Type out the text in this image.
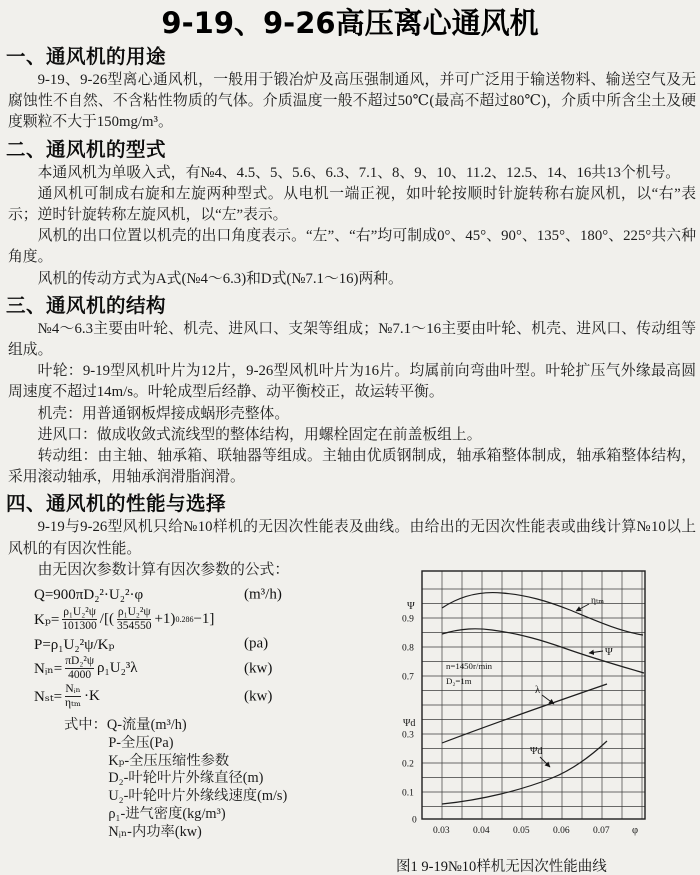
9-19、9-26高压离心通风机
一、通风机的用途

9-19、9-26型离心通风机，一般用于锻冶炉及高压强制通风，并可广泛用于输送物料、输送空气及无腐蚀性不自然、不含粘性物质的气体。介质温度一般不超过50℃(最高不超过80℃)，介质中所含尘土及硬度颗粒不大于150mg/m³。

二、通风机的型式

本通风机为单吸入式，有№4、4.5、5、5.6、6.3、7.1、8、9、10、11.2、12.5、14、16共13个机号。

通风机可制成右旋和左旋两种型式。从电机一端正视，如叶轮按顺时针旋转称右旋风机，以“右”表示；逆时针旋转称左旋风机，以“左”表示。

风机的出口位置以机壳的出口角度表示。“左”、“右”均可制成0°、45°、90°、135°、180°、225°共六种角度。

风机的传动方式为A式(№4～6.3)和D式(№7.1～16)两种。

三、通风机的结构

№4～6.3主要由叶轮、机壳、进风口、支架等组成；№7.1～16主要由叶轮、机壳、进风口、传动组等组成。

叶轮：9-19型风机叶片为12片，9-26型风机叶片为16片。均属前向弯曲叶型。叶轮扩压气外缘最高圆周速度不超过14m/s。叶轮成型后经静、动平衡校正，故运转平衡。

机壳：用普通钢板焊接成蜗形壳整体。

进风口：做成收敛式流线型的整体结构，用螺栓固定在前盖板组上。

转动组：由主轴、轴承箱、联轴器等组成。主轴由优质钢制成，轴承箱整体制成，轴承箱整体结构，采用滚动轴承，用轴承润滑脂润滑。

四、通风机的性能与选择

9-19与9-26型风机只给№10样机的无因次性能表及曲线。由给出的无因次性能表或曲线计算№10以上风机的有因次性能。

由无因次参数计算有因次参数的公式：

Q=900πD₂²·U₂²·φ	(m³/h)
$K_p= \frac{\text{ρ₁U₂²ψ}}{101300}$ /[( $\frac{\text{ρ₁U₂²ψ}}{354550} +1$) 0.286 −1]
P=ρ₁U₂²ψ/Kₚ	(pa)
Nᵢₙ= $\frac{\text{πD₂²ψ}}{4000} \rho_1U_2^3\lambda$	(kw)
$N_{st}= \frac{\text{Nᵢₙ}}{\text{ηₜₘ}} \cdot K$	(kw)
式中：Q-流量(m³/h)
P-全压(Pa)
Kₚ-全压压缩性参数
D₂-叶轮叶片外缘直径(m)
U₂-叶轮叶片外缘线速度(m/s)
ρ₁-进气密度(kg/m³)
Nᵢₙ-内功率(kw)
ηₜₘ
Ψ
λ
Ψd
n=1450r/min
D₂=1m
Ψ
0.9
0.8
0.7
Ψd
0.3
0.2
0.1
0
0.03 0.04 0.05 0.06 0.07 φ
图1 9-19№10样机无因次性能曲线
